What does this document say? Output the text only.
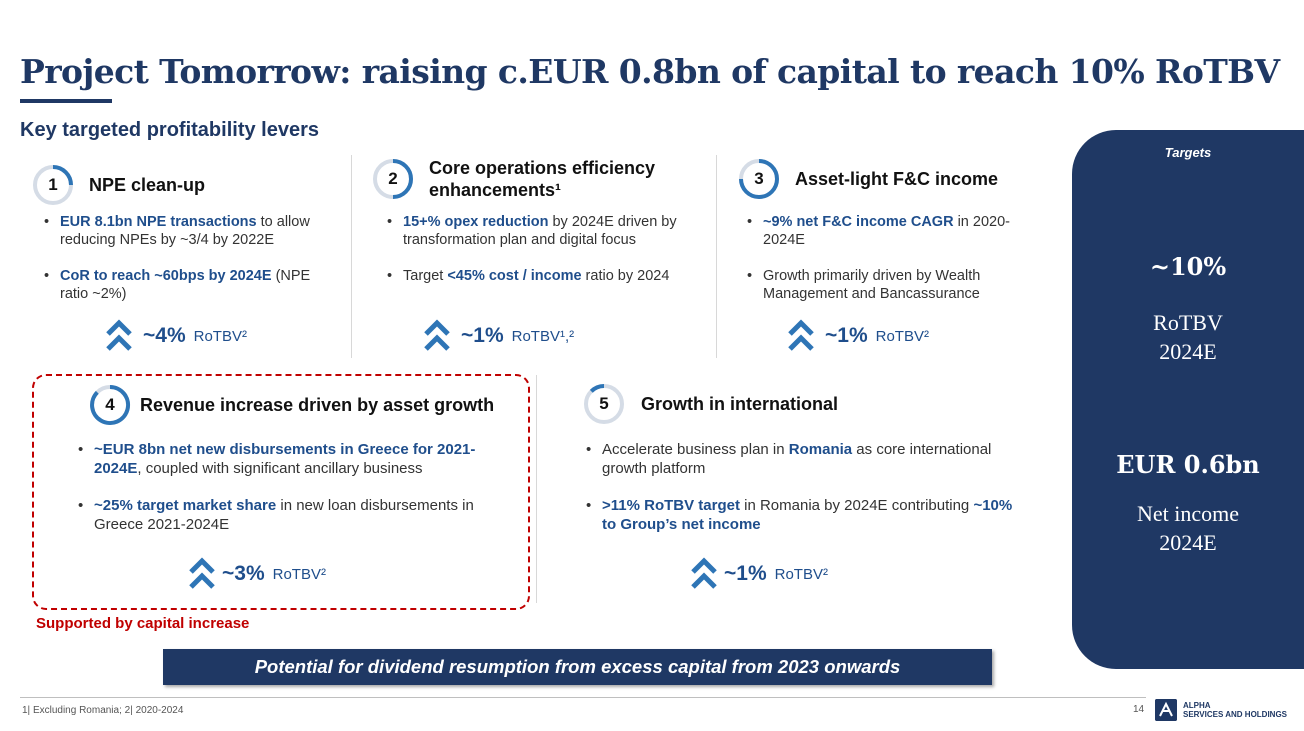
Project Tomorrow: raising c.EUR 0.8bn of capital to reach 10% RoTBV
Key targeted profitability levers
1	NPE clean-up
• EUR 8.1bn NPE transactions to allow reducing NPEs by ~3/4 by 2022E
• CoR to reach ~60bps by 2024E (NPE ratio ~2%)
~4% RoTBV²
2
Core operations efficiency
enhancements¹
• 15+% opex reduction by 2024E driven by transformation plan and digital focus
• Target <45% cost / income ratio by 2024
~1% RoTBV¹,²
3	Asset-light F&C income
• ~9% net F&C income CAGR in 2020-2024E
• Growth primarily driven by Wealth Management and Bancassurance
~1% RoTBV²
4	Revenue increase driven by asset growth
• ~EUR 8bn net new disbursements in Greece for 2021-2024E, coupled with significant ancillary business
• ~25% target market share in new loan disbursements in Greece 2021-2024E
~3% RoTBV²
Supported by capital increase
5	Growth in international
• Accelerate business plan in Romania as core international growth platform
• >11% RoTBV target in Romania by 2024E contributing ~10% to Group’s net income
~1% RoTBV²
Potential for dividend resumption from excess capital from 2023 onwards
Targets
~10%
RoTBV
2024E
EUR 0.6bn
Net income
2024E
1| Excluding Romania; 2| 2020-2024	14	ALPHA
SERVICES AND HOLDINGS
